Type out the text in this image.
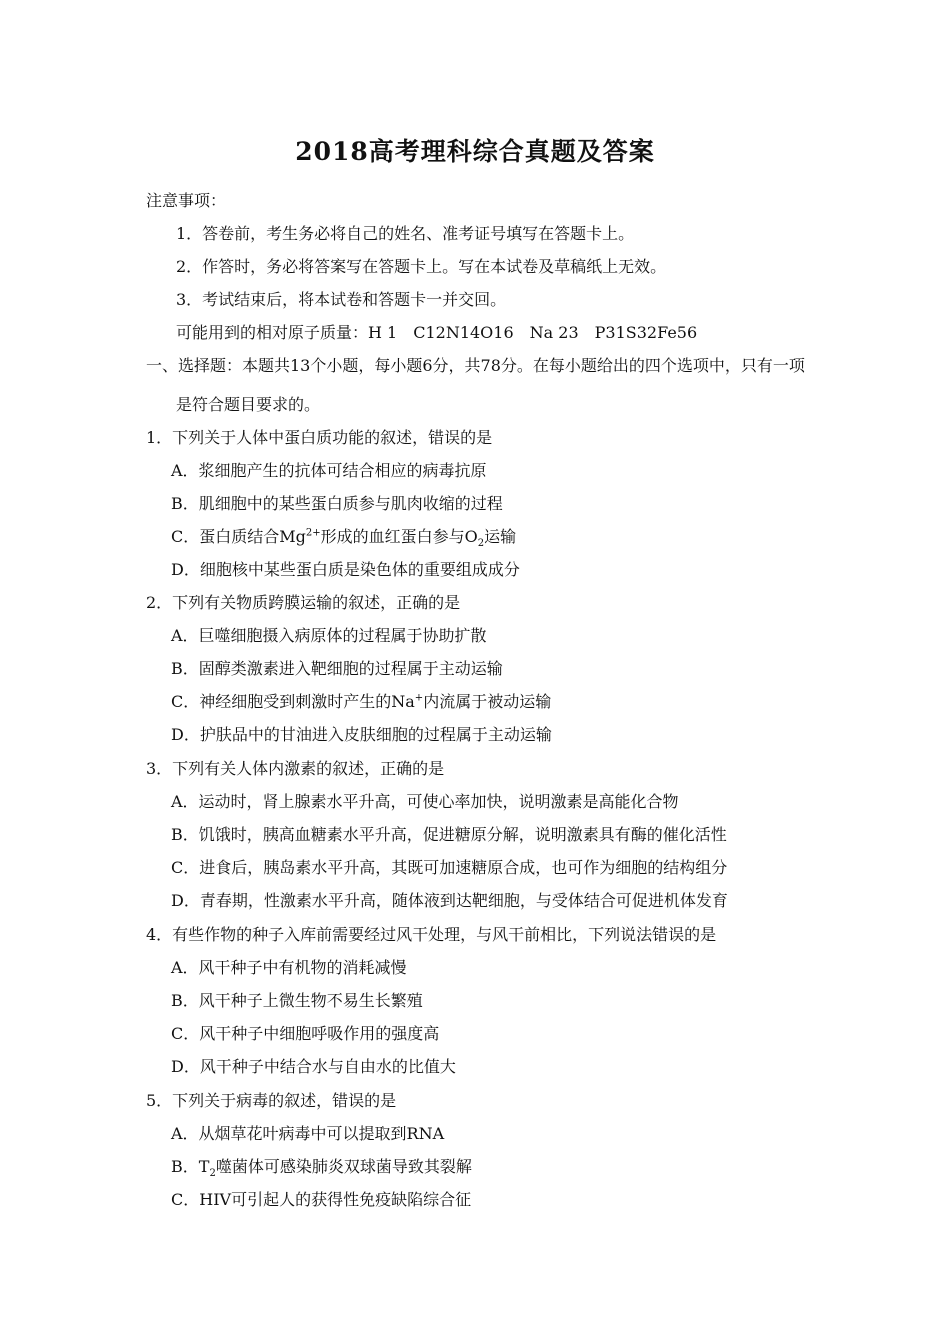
2018高考理科综合真题及答案
注意事项：
1．答卷前，考生务必将自己的姓名、准考证号填写在答题卡上。
2．作答时，务必将答案写在答题卡上。写在本试卷及草稿纸上无效。
3．考试结束后，将本试卷和答题卡一并交回。
可能用到的相对原子质量：H 1　C12N14O16　Na 23　P31S32Fe56
一、选择题：本题共13个小题，每小题6分，共78分。在每小题给出的四个选项中，只有一项
是符合题目要求的。
1．下列关于人体中蛋白质功能的叙述，错误的是
A．浆细胞产生的抗体可结合相应的病毒抗原
B．肌细胞中的某些蛋白质参与肌肉收缩的过程
C．蛋白质结合$Mg^{2+}$形成的血红蛋白参与$O_2$运输
D．细胞核中某些蛋白质是染色体的重要组成成分
2．下列有关物质跨膜运输的叙述，正确的是
A．巨噬细胞摄入病原体的过程属于协助扩散
B．固醇类激素进入靶细胞的过程属于主动运输
C．神经细胞受到刺激时产生的Na+内流属于被动运输
D．护肤品中的甘油进入皮肤细胞的过程属于主动运输
3．下列有关人体内激素的叙述，正确的是
A．运动时，肾上腺素水平升高，可使心率加快，说明激素是高能化合物
B．饥饿时，胰高血糖素水平升高，促进糖原分解，说明激素具有酶的催化活性
C．进食后，胰岛素水平升高，其既可加速糖原合成，也可作为细胞的结构组分
D．青春期，性激素水平升高，随体液到达靶细胞，与受体结合可促进机体发育
4．有些作物的种子入库前需要经过风干处理，与风干前相比，下列说法错误的是
A．风干种子中有机物的消耗减慢
B．风干种子上微生物不易生长繁殖
C．风干种子中细胞呼吸作用的强度高
D．风干种子中结合水与自由水的比值大
5．下列关于病毒的叙述，错误的是
A．从烟草花叶病毒中可以提取到RNA
B．$T_2$噬菌体可感染肺炎双球菌导致其裂解
C．HIV可引起人的获得性免疫缺陷综合征
